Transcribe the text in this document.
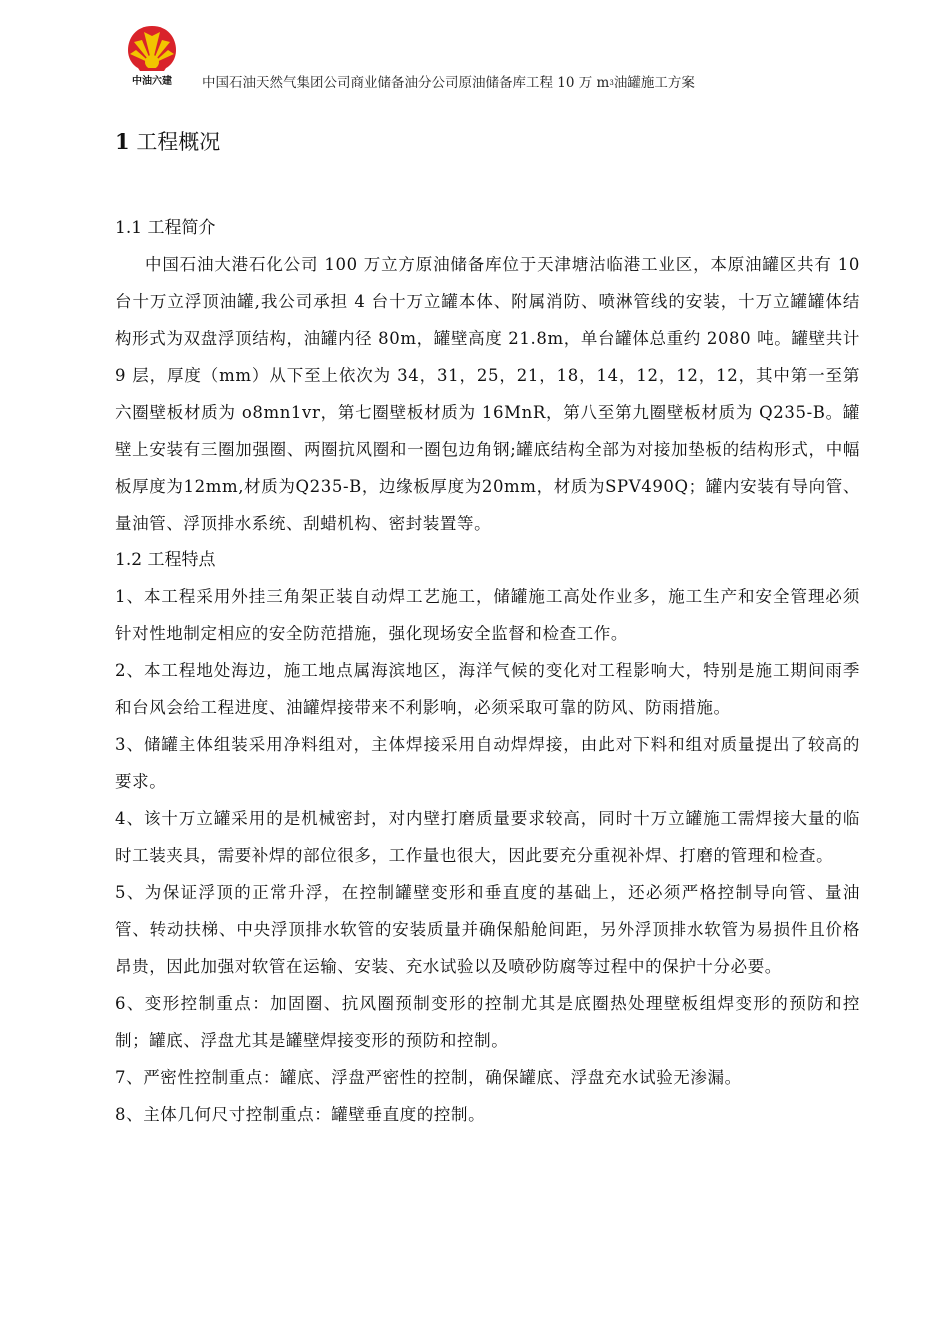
中油六建	中国石油天然气集团公司商业储备油分公司原油储备库工程 10 万 $m^3$油罐施工方案
1 工程概况
1.1 工程简介

中国石油大港石化公司 100 万立方原油储备库位于天津塘沽临港工业区，本原油罐区共有 10 台十万立浮顶油罐,我公司承担 4 台十万立罐本体、附属消防、喷淋管线的安装，十万立罐罐体结构形式为双盘浮顶结构，油罐内径 80m，罐壁高度 21.8m，单台罐体总重约 2080 吨。罐壁共计 9 层，厚度（mm）从下至上依次为 34，31，25，21，18，14，12，12，12，其中第一至第六圈壁板材质为 o8mn1vr，第七圈壁板材质为 16MnR，第八至第九圈壁板材质为 Q235-B。罐壁上安装有三圈加强圈、两圈抗风圈和一圈包边角钢;罐底结构全部为对接加垫板的结构形式，中幅板厚度为12mm,材质为Q235-B，边缘板厚度为20mm，材质为SPV490Q；罐内安装有导向管、量油管、浮顶排水系统、刮蜡机构、密封装置等。

1.2 工程特点

1、本工程采用外挂三角架正装自动焊工艺施工，储罐施工高处作业多，施工生产和安全管理必须针对性地制定相应的安全防范措施，强化现场安全监督和检查工作。

2、本工程地处海边，施工地点属海滨地区，海洋气候的变化对工程影响大，特别是施工期间雨季和台风会给工程进度、油罐焊接带来不利影响，必须采取可靠的防风、防雨措施。

3、储罐主体组装采用净料组对，主体焊接采用自动焊焊接，由此对下料和组对质量提出了较高的要求。

4、该十万立罐采用的是机械密封，对内壁打磨质量要求较高，同时十万立罐施工需焊接大量的临时工装夹具，需要补焊的部位很多，工作量也很大，因此要充分重视补焊、打磨的管理和检查。

5、为保证浮顶的正常升浮，在控制罐壁变形和垂直度的基础上，还必须严格控制导向管、量油管、转动扶梯、中央浮顶排水软管的安装质量并确保船舱间距，另外浮顶排水软管为易损件且价格昂贵，因此加强对软管在运输、安装、充水试验以及喷砂防腐等过程中的保护十分必要。

6、变形控制重点：加固圈、抗风圈预制变形的控制尤其是底圈热处理壁板组焊变形的预防和控制；罐底、浮盘尤其是罐壁焊接变形的预防和控制。

7、严密性控制重点：罐底、浮盘严密性的控制，确保罐底、浮盘充水试验无渗漏。

8、主体几何尺寸控制重点：罐壁垂直度的控制。
